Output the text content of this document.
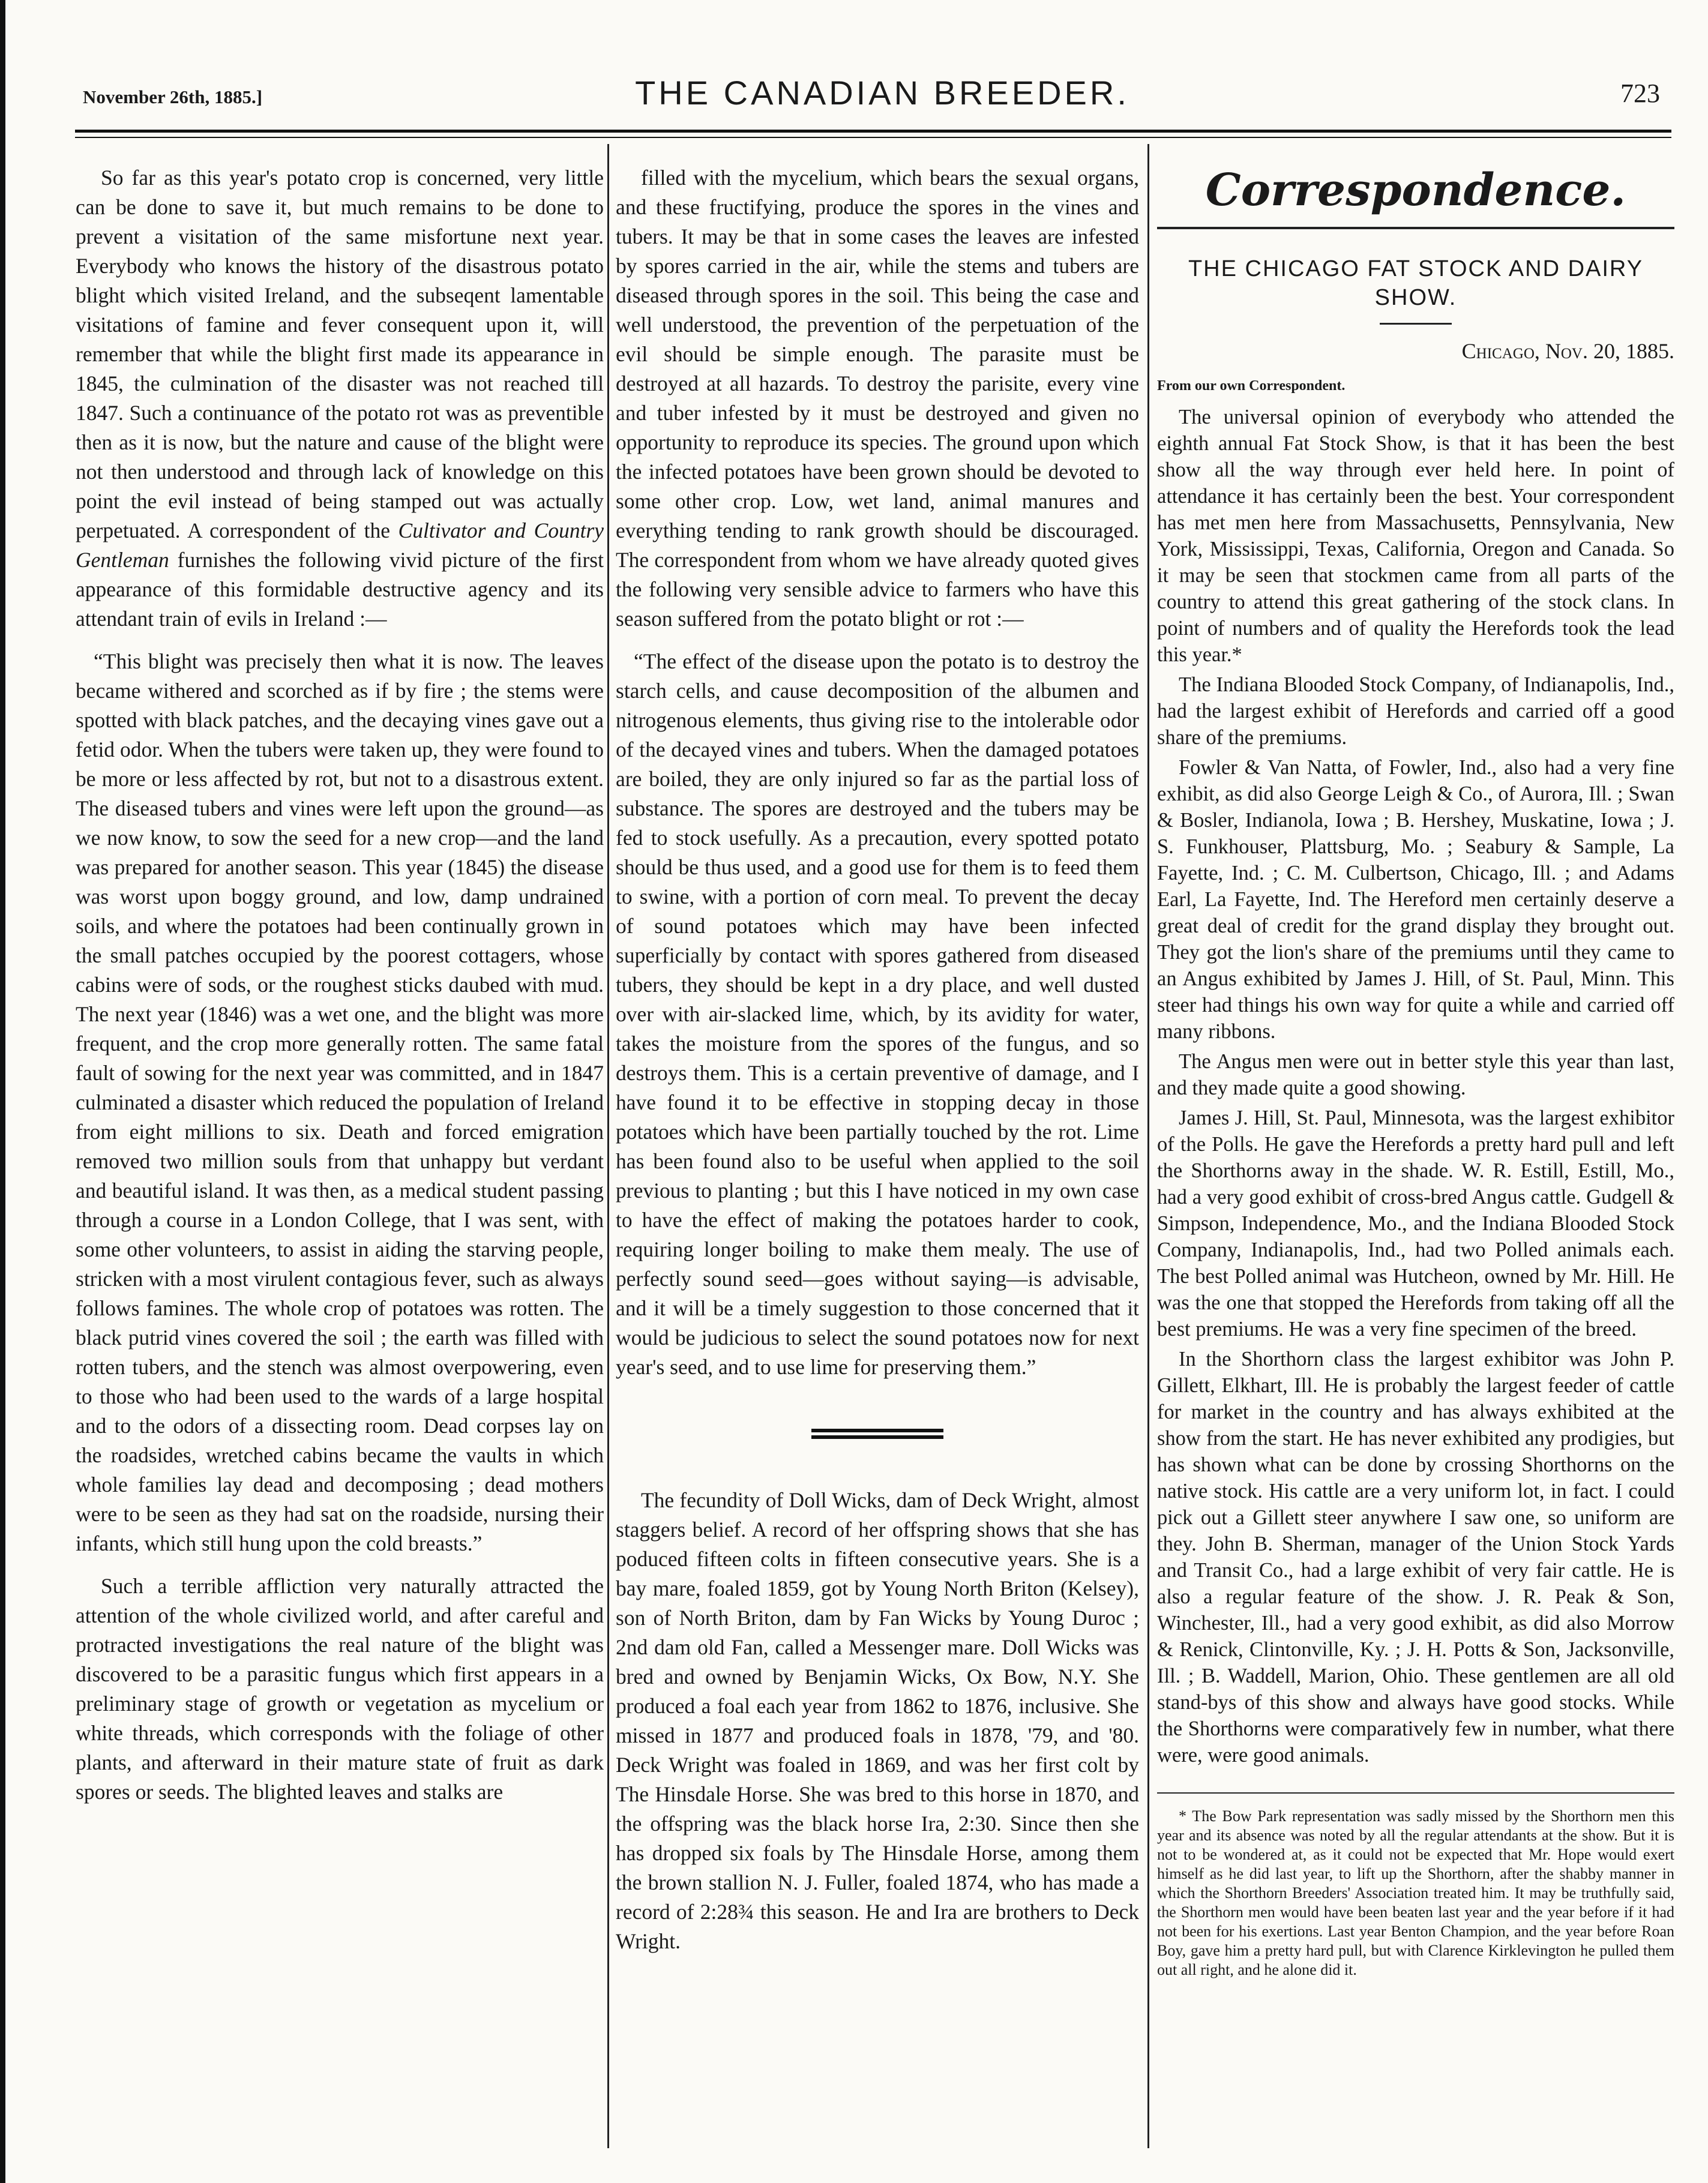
November 26th, 1885.]	THE CANADIAN BREEDER.	723

So far as this year's potato crop is concerned, very little can be done to save it, but much remains to be done to prevent a visitation of the same misfortune next year. Everybody who knows the history of the disastrous potato blight which visited Ireland, and the subseqent lamentable visitations of famine and fever consequent upon it, will remember that while the blight first made its appearance in 1845, the culmination of the disaster was not reached till 1847. Such a continuance of the potato rot was as preventible then as it is now, but the nature and cause of the blight were not then understood and through lack of knowledge on this point the evil instead of being stamped out was actually perpetuated. A correspondent of the Cultivator and Country Gentleman furnishes the following vivid picture of the first appearance of this formidable destructive agency and its attendant train of evils in Ireland :—

“This blight was precisely then what it is now. The leaves became withered and scorched as if by fire ; the stems were spotted with black patches, and the decaying vines gave out a fetid odor. When the tubers were taken up, they were found to be more or less affected by rot, but not to a disastrous extent. The diseased tubers and vines were left upon the ground—as we now know, to sow the seed for a new crop—and the land was prepared for another season. This year (1845) the disease was worst upon boggy ground, and low, damp undrained soils, and where the potatoes had been continually grown in the small patches occupied by the poorest cottagers, whose cabins were of sods, or the roughest sticks daubed with mud. The next year (1846) was a wet one, and the blight was more frequent, and the crop more generally rotten. The same fatal fault of sowing for the next year was committed, and in 1847 culminated a disaster which reduced the population of Ireland from eight millions to six. Death and forced emigration removed two million souls from that unhappy but verdant and beautiful island. It was then, as a medical student passing through a course in a London College, that I was sent, with some other volunteers, to assist in aiding the starving people, stricken with a most virulent contagious fever, such as always follows famines. The whole crop of potatoes was rotten. The black putrid vines covered the soil ; the earth was filled with rotten tubers, and the stench was almost overpowering, even to those who had been used to the wards of a large hospital and to the odors of a dissecting room. Dead corpses lay on the roadsides, wretched cabins became the vaults in which whole families lay dead and decomposing ; dead mothers were to be seen as they had sat on the roadside, nursing their infants, which still hung upon the cold breasts.”

Such a terrible affliction very naturally attracted the attention of the whole civilized world, and after careful and protracted investigations the real nature of the blight was discovered to be a parasitic fungus which first appears in a preliminary stage of growth or vegetation as mycelium or white threads, which corresponds with the foliage of other plants, and afterward in their mature state of fruit as dark spores or seeds. The blighted leaves and stalks are

filled with the mycelium, which bears the sexual organs, and these fructifying, produce the spores in the vines and tubers. It may be that in some cases the leaves are infested by spores carried in the air, while the stems and tubers are diseased through spores in the soil. This being the case and well understood, the prevention of the perpetuation of the evil should be simple enough. The parasite must be destroyed at all hazards. To destroy the parisite, every vine and tuber infested by it must be destroyed and given no opportunity to reproduce its species. The ground upon which the infected potatoes have been grown should be devoted to some other crop. Low, wet land, animal manures and everything tending to rank growth should be discouraged. The correspondent from whom we have already quoted gives the following very sensible advice to farmers who have this season suffered from the potato blight or rot :—

“The effect of the disease upon the potato is to destroy the starch cells, and cause decomposition of the albumen and nitrogenous elements, thus giving rise to the intolerable odor of the decayed vines and tubers. When the damaged potatoes are boiled, they are only injured so far as the partial loss of substance. The spores are destroyed and the tubers may be fed to stock usefully. As a precaution, every spotted potato should be thus used, and a good use for them is to feed them to swine, with a portion of corn meal. To prevent the decay of sound potatoes which may have been infected superficially by contact with spores gathered from diseased tubers, they should be kept in a dry place, and well dusted over with air-slacked lime, which, by its avidity for water, takes the moisture from the spores of the fungus, and so destroys them. This is a certain preventive of damage, and I have found it to be effective in stopping decay in those potatoes which have been partially touched by the rot. Lime has been found also to be useful when applied to the soil previous to planting ; but this I have noticed in my own case to have the effect of making the potatoes harder to cook, requiring longer boiling to make them mealy. The use of perfectly sound seed—goes without saying—is advisable, and it will be a timely suggestion to those concerned that it would be judicious to select the sound potatoes now for next year's seed, and to use lime for preserving them.”

The fecundity of Doll Wicks, dam of Deck Wright, almost staggers belief. A record of her offspring shows that she has poduced fifteen colts in fifteen consecutive years. She is a bay mare, foaled 1859, got by Young North Briton (Kelsey), son of North Briton, dam by Fan Wicks by Young Duroc ; 2nd dam old Fan, called a Messenger mare. Doll Wicks was bred and owned by Benjamin Wicks, Ox Bow, N.Y. She produced a foal each year from 1862 to 1876, inclusive. She missed in 1877 and produced foals in 1878, '79, and '80. Deck Wright was foaled in 1869, and was her first colt by The Hinsdale Horse. She was bred to this horse in 1870, and the offspring was the black horse Ira, 2:30. Since then she has dropped six foals by The Hinsdale Horse, among them the brown stallion N. J. Fuller, foaled 1874, who has made a record of 2:28¾ this season. He and Ira are brothers to Deck Wright.

Correspondence.
THE CHICAGO FAT STOCK AND DAIRY SHOW.
Chicago, Nov. 20, 1885.
From our own Correspondent.

The universal opinion of everybody who attended the eighth annual Fat Stock Show, is that it has been the best show all the way through ever held here. In point of attendance it has certainly been the best. Your correspondent has met men here from Massachusetts, Pennsylvania, New York, Mississippi, Texas, California, Oregon and Canada. So it may be seen that stockmen came from all parts of the country to attend this great gathering of the stock clans. In point of numbers and of quality the Herefords took the lead this year.*

The Indiana Blooded Stock Company, of Indianapolis, Ind., had the largest exhibit of Herefords and carried off a good share of the premiums.

Fowler & Van Natta, of Fowler, Ind., also had a very fine exhibit, as did also George Leigh & Co., of Aurora, Ill. ; Swan & Bosler, Indianola, Iowa ; B. Hershey, Muskatine, Iowa ; J. S. Funkhouser, Plattsburg, Mo. ; Seabury & Sample, La Fayette, Ind. ; C. M. Culbertson, Chicago, Ill. ; and Adams Earl, La Fayette, Ind. The Hereford men certainly deserve a great deal of credit for the grand display they brought out. They got the lion's share of the premiums until they came to an Angus exhibited by James J. Hill, of St. Paul, Minn. This steer had things his own way for quite a while and carried off many ribbons.

The Angus men were out in better style this year than last, and they made quite a good showing.

James J. Hill, St. Paul, Minnesota, was the largest exhibitor of the Polls. He gave the Herefords a pretty hard pull and left the Shorthorns away in the shade. W. R. Estill, Estill, Mo., had a very good exhibit of cross-bred Angus cattle. Gudgell & Simpson, Independence, Mo., and the Indiana Blooded Stock Company, Indianapolis, Ind., had two Polled animals each. The best Polled animal was Hutcheon, owned by Mr. Hill. He was the one that stopped the Herefords from taking off all the best premiums. He was a very fine specimen of the breed.

In the Shorthorn class the largest exhibitor was John P. Gillett, Elkhart, Ill. He is probably the largest feeder of cattle for market in the country and has always exhibited at the show from the start. He has never exhibited any prodigies, but has shown what can be done by crossing Shorthorns on the native stock. His cattle are a very uniform lot, in fact. I could pick out a Gillett steer anywhere I saw one, so uniform are they. John B. Sherman, manager of the Union Stock Yards and Transit Co., had a large exhibit of very fair cattle. He is also a regular feature of the show. J. R. Peak & Son, Winchester, Ill., had a very good exhibit, as did also Morrow & Renick, Clintonville, Ky. ; J. H. Potts & Son, Jacksonville, Ill. ; B. Waddell, Marion, Ohio. These gentlemen are all old stand-bys of this show and always have good stocks. While the Shorthorns were comparatively few in number, what there were, were good animals.

* The Bow Park representation was sadly missed by the Shorthorn men this year and its absence was noted by all the regular attendants at the show. But it is not to be wondered at, as it could not be expected that Mr. Hope would exert himself as he did last year, to lift up the Shorthorn, after the shabby manner in which the Shorthorn Breeders' Association treated him. It may be truthfully said, the Shorthorn men would have been beaten last year and the year before if it had not been for his exertions. Last year Benton Champion, and the year before Roan Boy, gave him a pretty hard pull, but with Clarence Kirklevington he pulled them out all right, and he alone did it.
